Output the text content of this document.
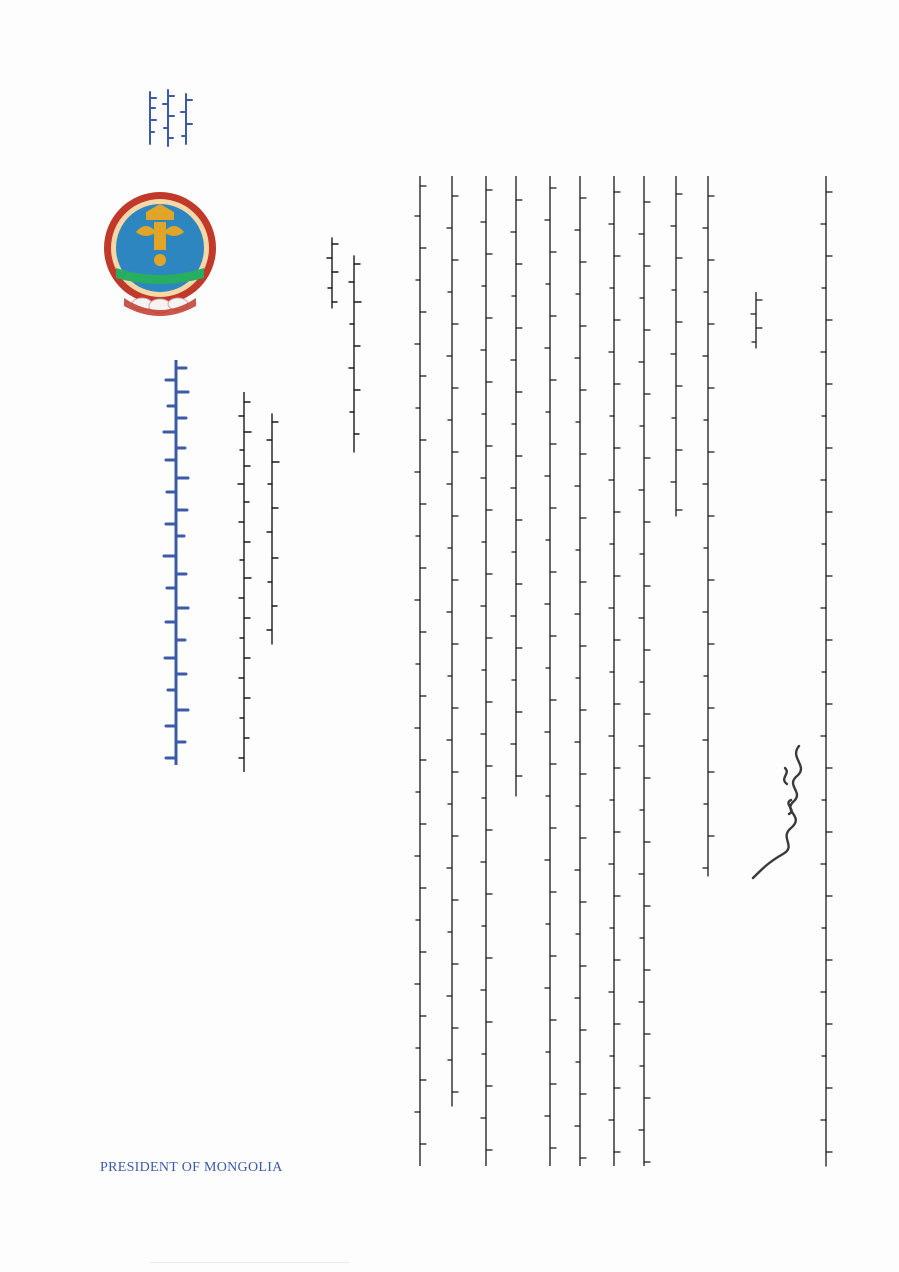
PRESIDENT OF MONGOLIA
